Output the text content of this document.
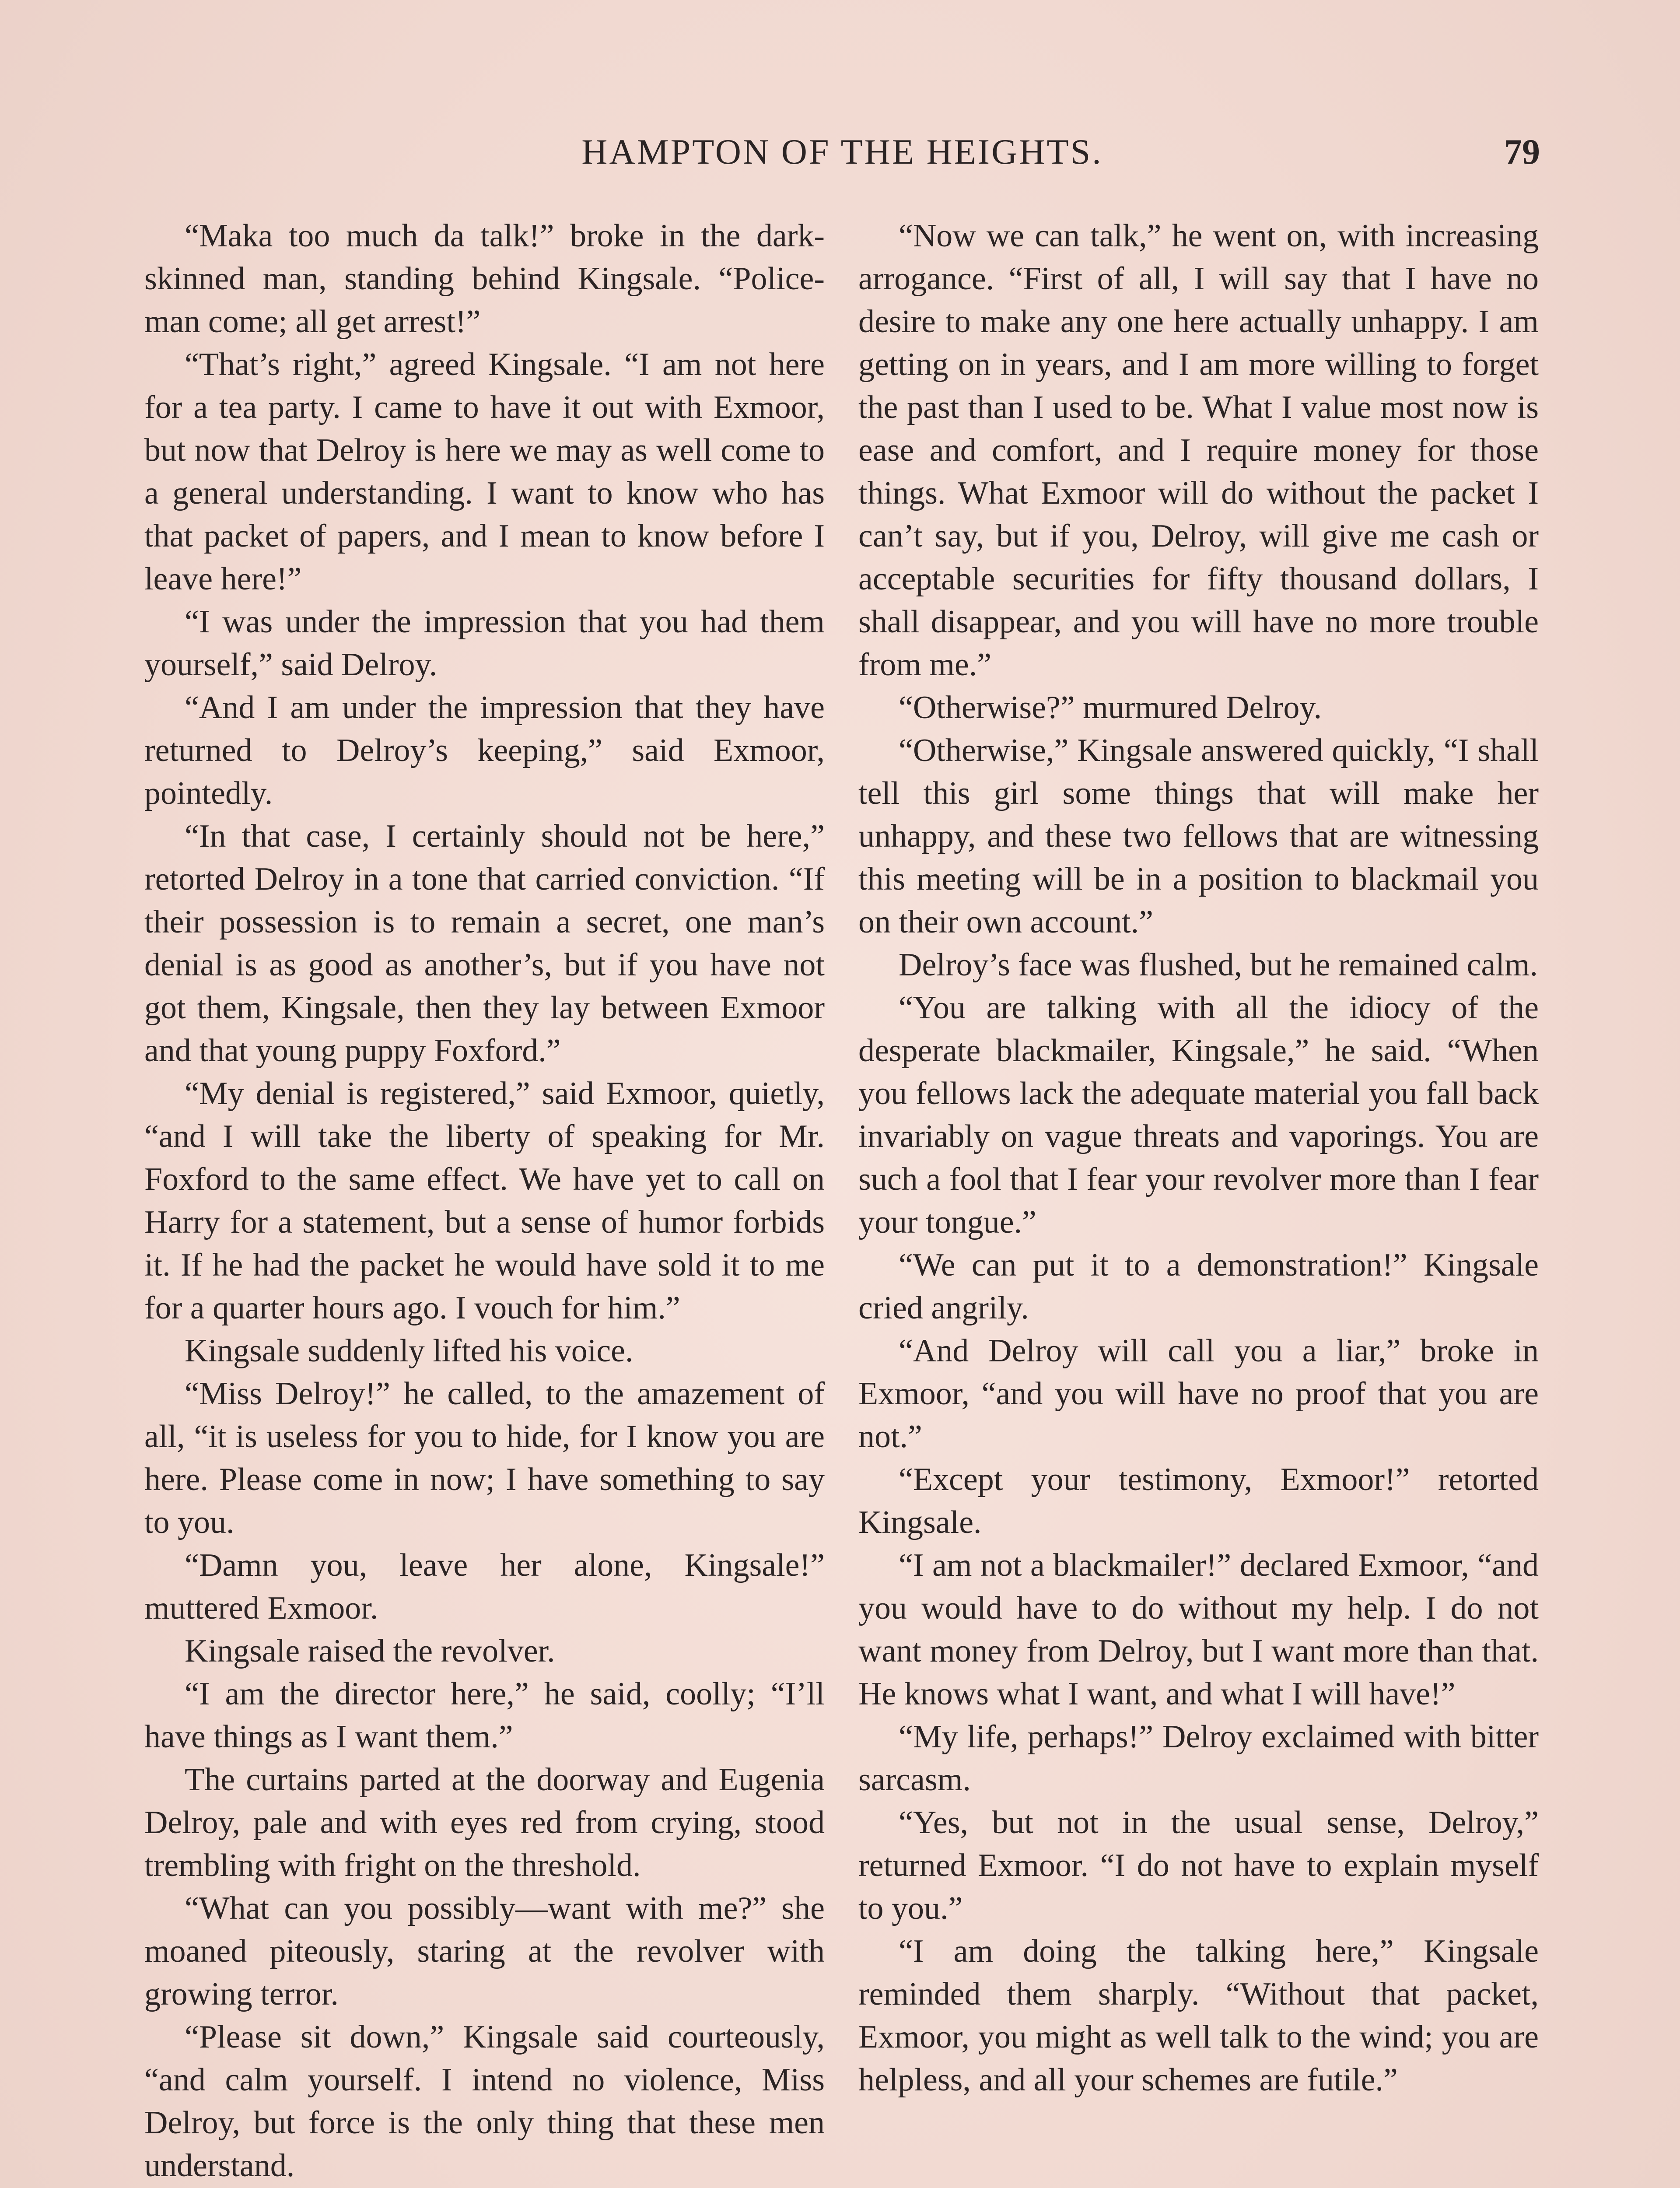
HAMPTON OF THE HEIGHTS.	79

“Maka too much da talk!” broke in the dark-skinned man, standing behind Kingsale. “Police-man come; all get arrest!”

“That’s right,” agreed Kingsale. “I am not here for a tea party. I came to have it out with Exmoor, but now that Delroy is here we may as well come to a general understanding. I want to know who has that packet of papers, and I mean to know before I leave here!”

“I was under the impression that you had them yourself,” said Delroy.

“And I am under the impression that they have returned to Delroy’s keeping,” said Exmoor, pointedly.

“In that case, I certainly should not be here,” retorted Delroy in a tone that carried conviction. “If their possession is to remain a secret, one man’s denial is as good as another’s, but if you have not got them, Kingsale, then they lay between Exmoor and that young puppy Foxford.”

“My denial is registered,” said Exmoor, quietly, “and I will take the liberty of speaking for Mr. Foxford to the same effect. We have yet to call on Harry for a statement, but a sense of humor forbids it. If he had the packet he would have sold it to me for a quarter hours ago. I vouch for him.”

Kingsale suddenly lifted his voice.

“Miss Delroy!” he called, to the amazement of all, “it is useless for you to hide, for I know you are here. Please come in now; I have something to say to you.

“Damn you, leave her alone, Kingsale!” muttered Exmoor.

Kingsale raised the revolver.

“I am the director here,” he said, coolly; “I’ll have things as I want them.”

The curtains parted at the doorway and Eugenia Delroy, pale and with eyes red from crying, stood trembling with fright on the threshold.

“What can you possibly—want with me?” she moaned piteously, staring at the revolver with growing terror.

“Please sit down,” Kingsale said courteously, “and calm yourself. I intend no violence, Miss Delroy, but force is the only thing that these men understand.

“Now we can talk,” he went on, with increasing arrogance. “First of all, I will say that I have no desire to make any one here actually unhappy. I am getting on in years, and I am more willing to forget the past than I used to be. What I value most now is ease and comfort, and I require money for those things. What Exmoor will do without the packet I can’t say, but if you, Delroy, will give me cash or acceptable securities for fifty thousand dollars, I shall disappear, and you will have no more trouble from me.”

“Otherwise?” murmured Delroy.

“Otherwise,” Kingsale answered quickly, “I shall tell this girl some things that will make her unhappy, and these two fellows that are witnessing this meeting will be in a position to blackmail you on their own account.”

Delroy’s face was flushed, but he remained calm.

“You are talking with all the idiocy of the desperate blackmailer, Kingsale,” he said. “When you fellows lack the adequate material you fall back invariably on vague threats and vaporings. You are such a fool that I fear your revolver more than I fear your tongue.”

“We can put it to a demonstration!” Kingsale cried angrily.

“And Delroy will call you a liar,” broke in Exmoor, “and you will have no proof that you are not.”

“Except your testimony, Exmoor!” retorted Kingsale.

“I am not a blackmailer!” declared Exmoor, “and you would have to do without my help. I do not want money from Delroy, but I want more than that. He knows what I want, and what I will have!”

“My life, perhaps!” Delroy exclaimed with bitter sarcasm.

“Yes, but not in the usual sense, Delroy,” returned Exmoor. “I do not have to explain myself to you.”

“I am doing the talking here,” Kingsale reminded them sharply. “Without that packet, Exmoor, you might as well talk to the wind; you are helpless, and all your schemes are futile.”
